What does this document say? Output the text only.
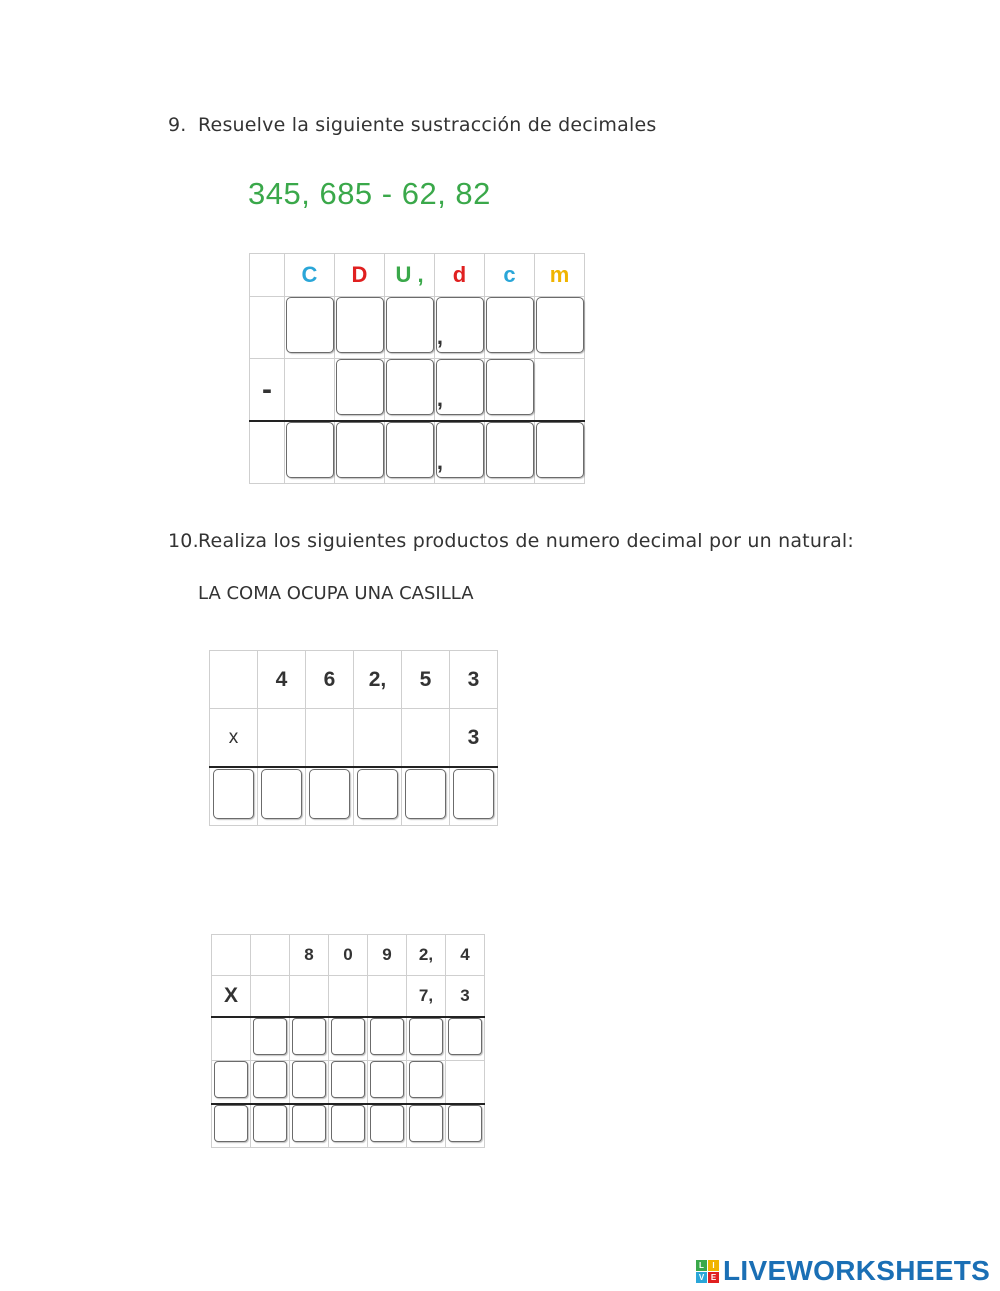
9. Resuelve la siguiente sustracción de decimales
345, 685 - 62, 82
	C	D	U ,	d	c	m

			,			

-			,			

			,			

10.Realiza los siguientes productos de numero decimal por un natural:
LA COMA OCUPA UNA CASILLA
	4	6	2,	5	3
x					3

		8	0	9	2,	4
X					7,	3

L	I
V E LIVEWORKSHEETS
